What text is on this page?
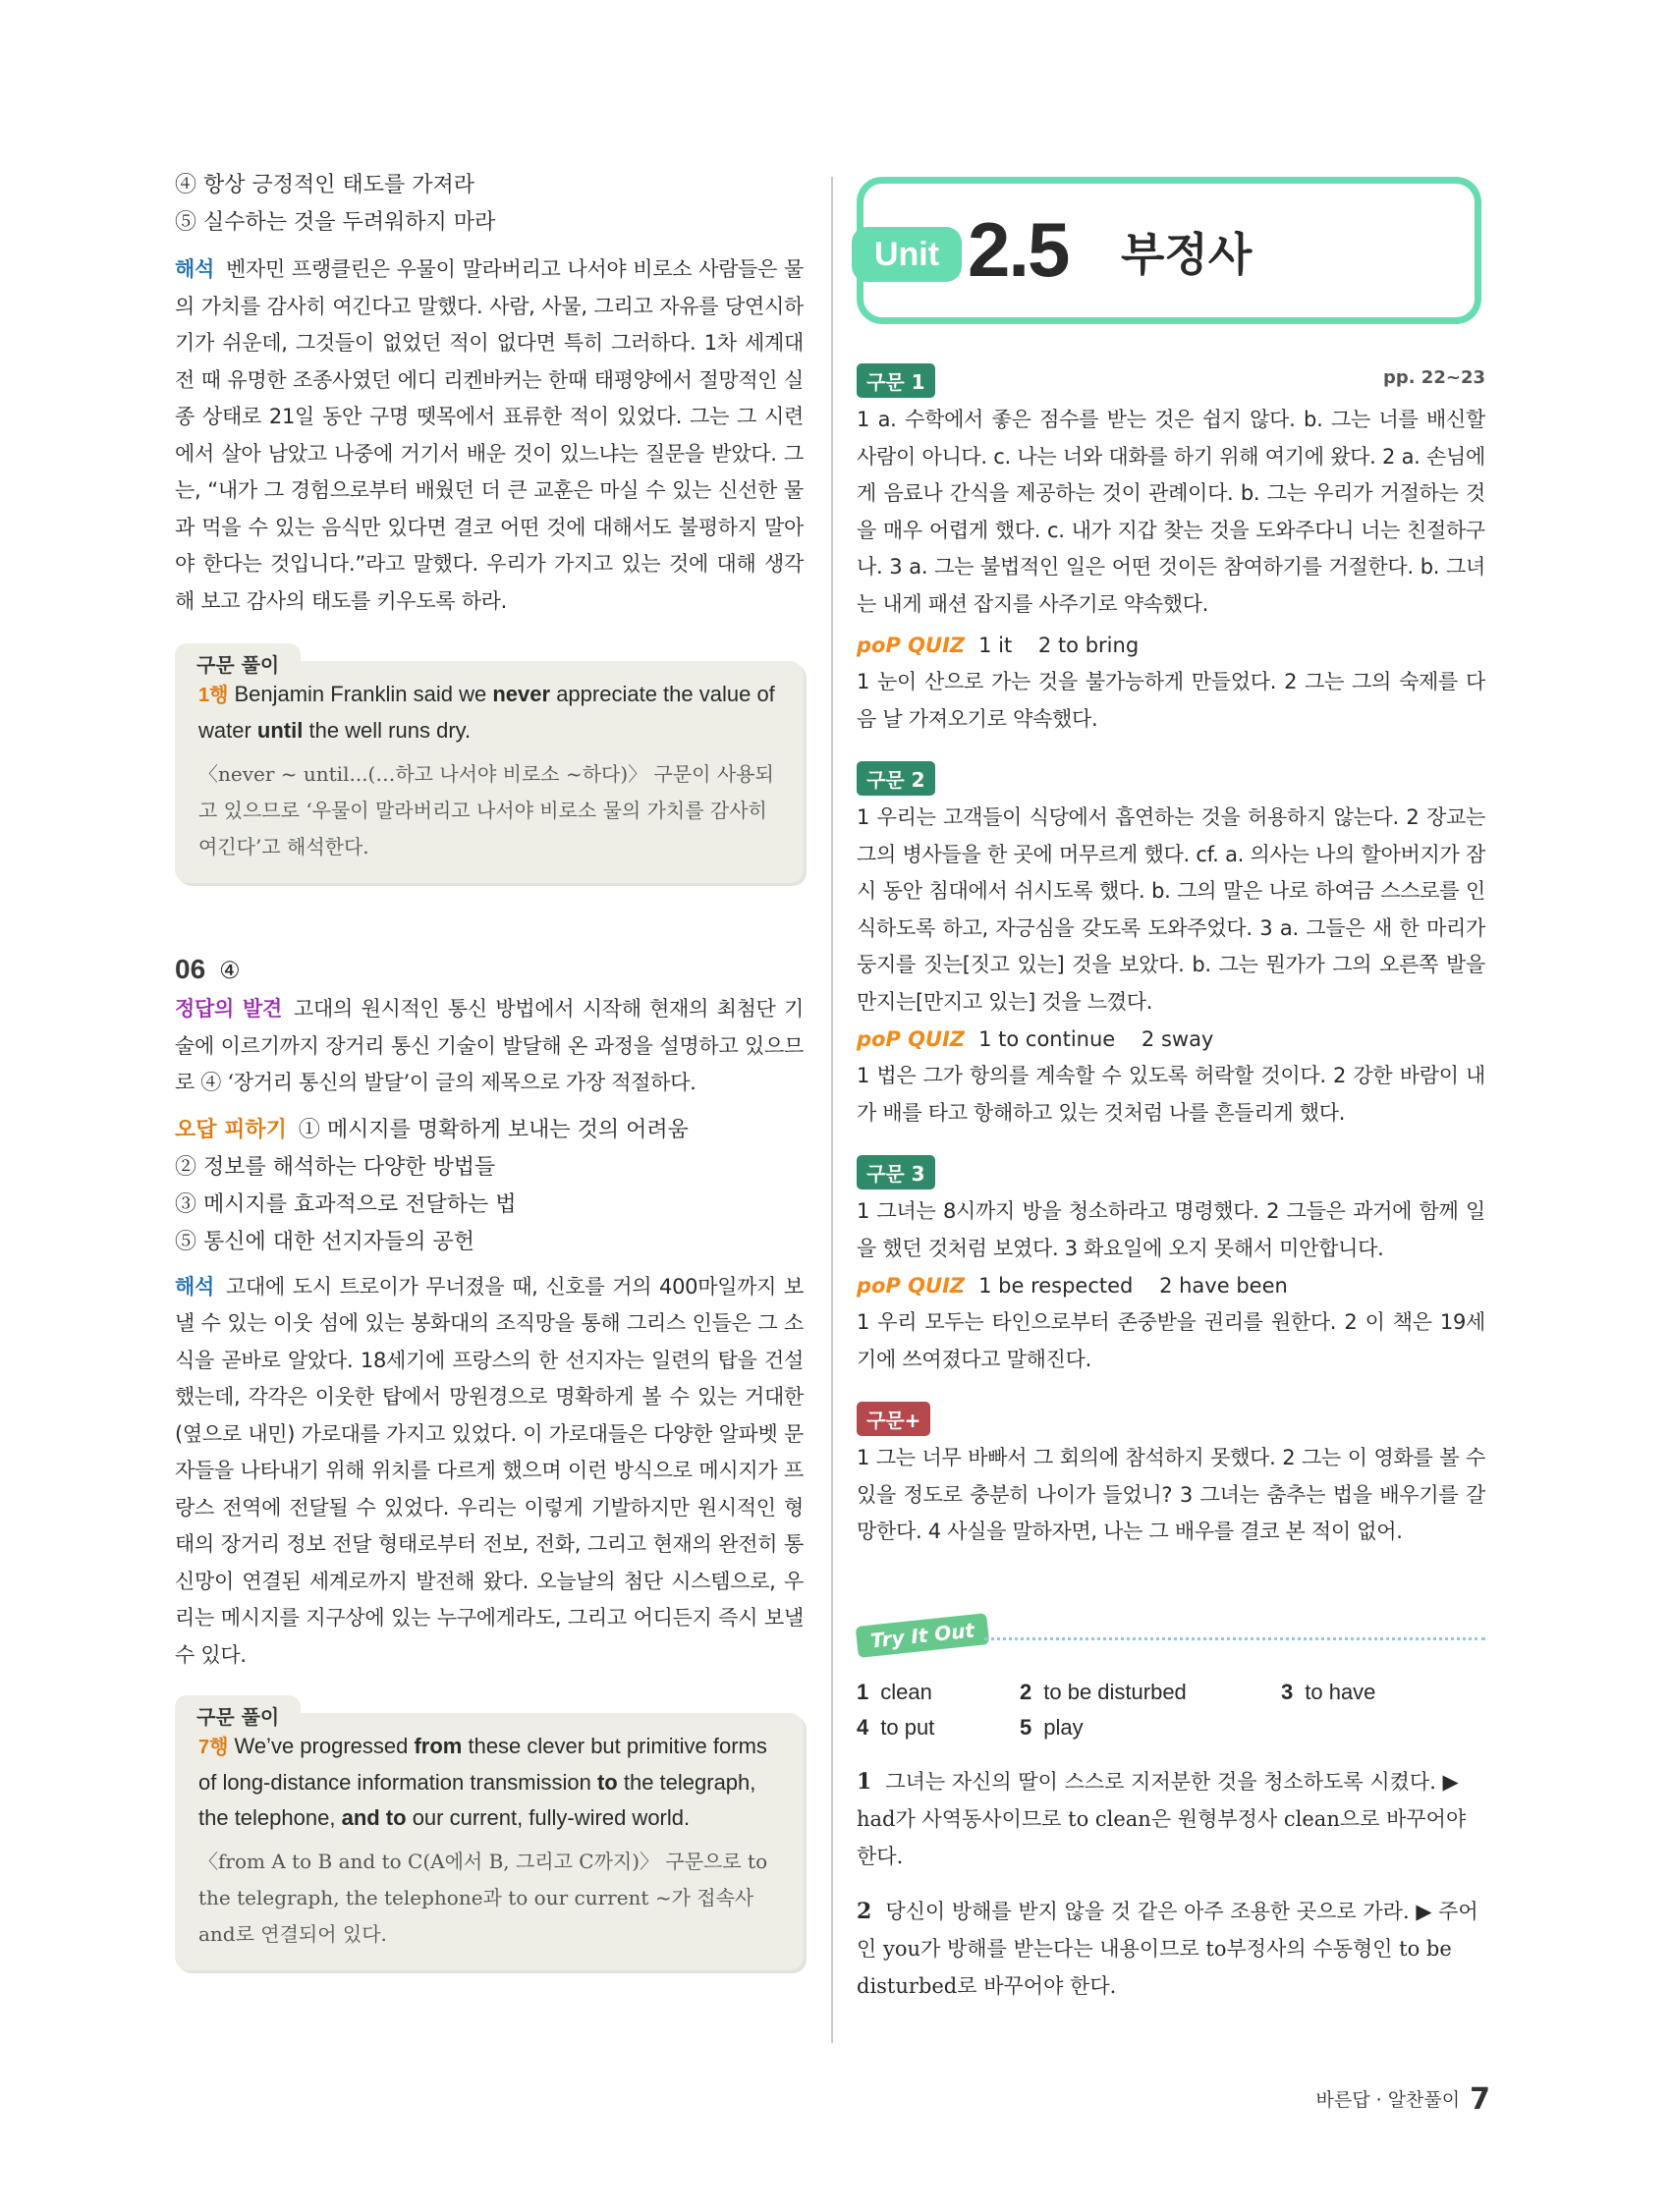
④ 항상 긍정적인 태도를 가져라

⑤ 실수하는 것을 두려워하지 마라

해석 벤자민 프랭클린은 우물이 말라버리고 나서야 비로소 사람들은 물의 가치를 감사히 여긴다고 말했다. 사람, 사물, 그리고 자유를 당연시하기가 쉬운데, 그것들이 없었던 적이 없다면 특히 그러하다. 1차 세계대전 때 유명한 조종사였던 에디 리켄바커는 한때 태평양에서 절망적인 실종 상태로 21일 동안 구명 뗏목에서 표류한 적이 있었다. 그는 그 시련에서 살아 남았고 나중에 거기서 배운 것이 있느냐는 질문을 받았다. 그는, “내가 그 경험으로부터 배웠던 더 큰 교훈은 마실 수 있는 신선한 물과 먹을 수 있는 음식만 있다면 결코 어떤 것에 대해서도 불평하지 말아야 한다는 것입니다.”라고 말했다. 우리가 가지고 있는 것에 대해 생각해 보고 감사의 태도를 키우도록 하라.

구문 풀이

1행 Benjamin Franklin said we never appreciate the value of water until the well runs dry.

〈never ~ until...(…하고 나서야 비로소 ~하다)〉 구문이 사용되고 있으므로 ‘우물이 말라버리고 나서야 비로소 물의 가치를 감사히 여긴다’고 해석한다.

06 ④

정답의 발견 고대의 원시적인 통신 방법에서 시작해 현재의 최첨단 기술에 이르기까지 장거리 통신 기술이 발달해 온 과정을 설명하고 있으므로 ④ ‘장거리 통신의 발달’이 글의 제목으로 가장 적절하다.

오답 피하기 ① 메시지를 명확하게 보내는 것의 어려움

② 정보를 해석하는 다양한 방법들

③ 메시지를 효과적으로 전달하는 법

⑤ 통신에 대한 선지자들의 공헌

해석 고대에 도시 트로이가 무너졌을 때, 신호를 거의 400마일까지 보낼 수 있는 이웃 섬에 있는 봉화대의 조직망을 통해 그리스 인들은 그 소식을 곧바로 알았다. 18세기에 프랑스의 한 선지자는 일련의 탑을 건설했는데, 각각은 이웃한 탑에서 망원경으로 명확하게 볼 수 있는 거대한 (옆으로 내민) 가로대를 가지고 있었다. 이 가로대들은 다양한 알파벳 문자들을 나타내기 위해 위치를 다르게 했으며 이런 방식으로 메시지가 프랑스 전역에 전달될 수 있었다. 우리는 이렇게 기발하지만 원시적인 형태의 장거리 정보 전달 형태로부터 전보, 전화, 그리고 현재의 완전히 통신망이 연결된 세계로까지 발전해 왔다. 오늘날의 첨단 시스템으로, 우리는 메시지를 지구상에 있는 누구에게라도, 그리고 어디든지 즉시 보낼 수 있다.

구문 풀이

7행 We’ve progressed from these clever but primitive forms of long-distance information transmission to the telegraph, the telephone, and to our current, fully-wired world.

〈from A to B and to C(A에서 B, 그리고 C까지)〉 구문으로 to the telegraph, the telephone과 to our current ~가 접속사 and로 연결되어 있다.

Unit 2.5 부정사
구문 1	pp. 22~23

1 a. 수학에서 좋은 점수를 받는 것은 쉽지 않다. b. 그는 너를 배신할 사람이 아니다. c. 나는 너와 대화를 하기 위해 여기에 왔다. 2 a. 손님에게 음료나 간식을 제공하는 것이 관례이다. b. 그는 우리가 거절하는 것을 매우 어렵게 했다. c. 내가 지갑 찾는 것을 도와주다니 너는 친절하구나. 3 a. 그는 불법적인 일은 어떤 것이든 참여하기를 거절한다. b. 그녀는 내게 패션 잡지를 사주기로 약속했다.

poP QUIZ 1 it    2 to bring

1 눈이 산으로 가는 것을 불가능하게 만들었다. 2 그는 그의 숙제를 다음 날 가져오기로 약속했다.

구문 2

1 우리는 고객들이 식당에서 흡연하는 것을 허용하지 않는다. 2 장교는 그의 병사들을 한 곳에 머무르게 했다. cf. a. 의사는 나의 할아버지가 잠시 동안 침대에서 쉬시도록 했다. b. 그의 말은 나로 하여금 스스로를 인식하도록 하고, 자긍심을 갖도록 도와주었다. 3 a. 그들은 새 한 마리가 둥지를 짓는[짓고 있는] 것을 보았다. b. 그는 뭔가가 그의 오른쪽 발을 만지는[만지고 있는] 것을 느꼈다.

poP QUIZ 1 to continue    2 sway

1 법은 그가 항의를 계속할 수 있도록 허락할 것이다. 2 강한 바람이 내가 배를 타고 항해하고 있는 것처럼 나를 흔들리게 했다.

구문 3

1 그녀는 8시까지 방을 청소하라고 명령했다. 2 그들은 과거에 함께 일을 했던 것처럼 보였다. 3 화요일에 오지 못해서 미안합니다.

poP QUIZ 1 be respected    2 have been

1 우리 모두는 타인으로부터 존중받을 권리를 원한다. 2 이 책은 19세기에 쓰여졌다고 말해진다.

구문+

1 그는 너무 바빠서 그 회의에 참석하지 못했다. 2 그는 이 영화를 볼 수 있을 정도로 충분히 나이가 들었니? 3 그녀는 춤추는 법을 배우기를 갈망한다. 4 사실을 말하자면, 나는 그 배우를 결코 본 적이 없어.

Try It Out
1 clean	2 to be disturbed	3 to have
4 to put	5 play

1 그녀는 자신의 딸이 스스로 지저분한 것을 청소하도록 시켰다. ▶ had가 사역동사이므로 to clean은 원형부정사 clean으로 바꾸어야 한다.

2 당신이 방해를 받지 않을 것 같은 아주 조용한 곳으로 가라. ▶ 주어인 you가 방해를 받는다는 내용이므로 to부정사의 수동형인 to be disturbed로 바꾸어야 한다.

바른답 · 알찬풀이 7
